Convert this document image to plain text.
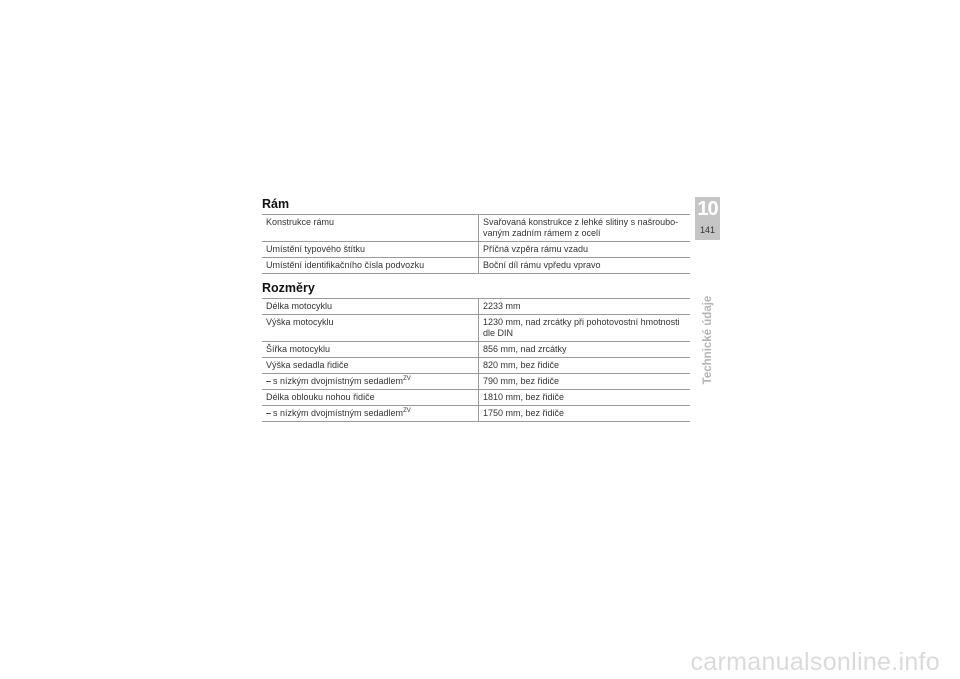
Rám
Konstrukce rámu	Svařovaná konstrukce z lehké slitiny s našroubo-
vaným zadním rámem z ocelí
Umístění typového štítku	Příčná vzpěra rámu vzadu
Umístění identifikačního čísla podvozku	Boční díl rámu vpředu vpravo
Rozměry
Délka motocyklu	2233 mm
Výška motocyklu	1230 mm, nad zrcátky při pohotovostní hmotnosti
dle DIN
Šířka motocyklu	856 mm, nad zrcátky
Výška sedadla řidiče	820 mm, bez řidiče
– s nízkým dvojmístným sedadlem$^{ZV}$	790 mm, bez řidiče
Délka oblouku nohou řidiče	1810 mm, bez řidiče
– s nízkým dvojmístným sedadlem$^{ZV}$	1750 mm, bez řidiče
10
141
Technické údaje
carmanualsonline.info
